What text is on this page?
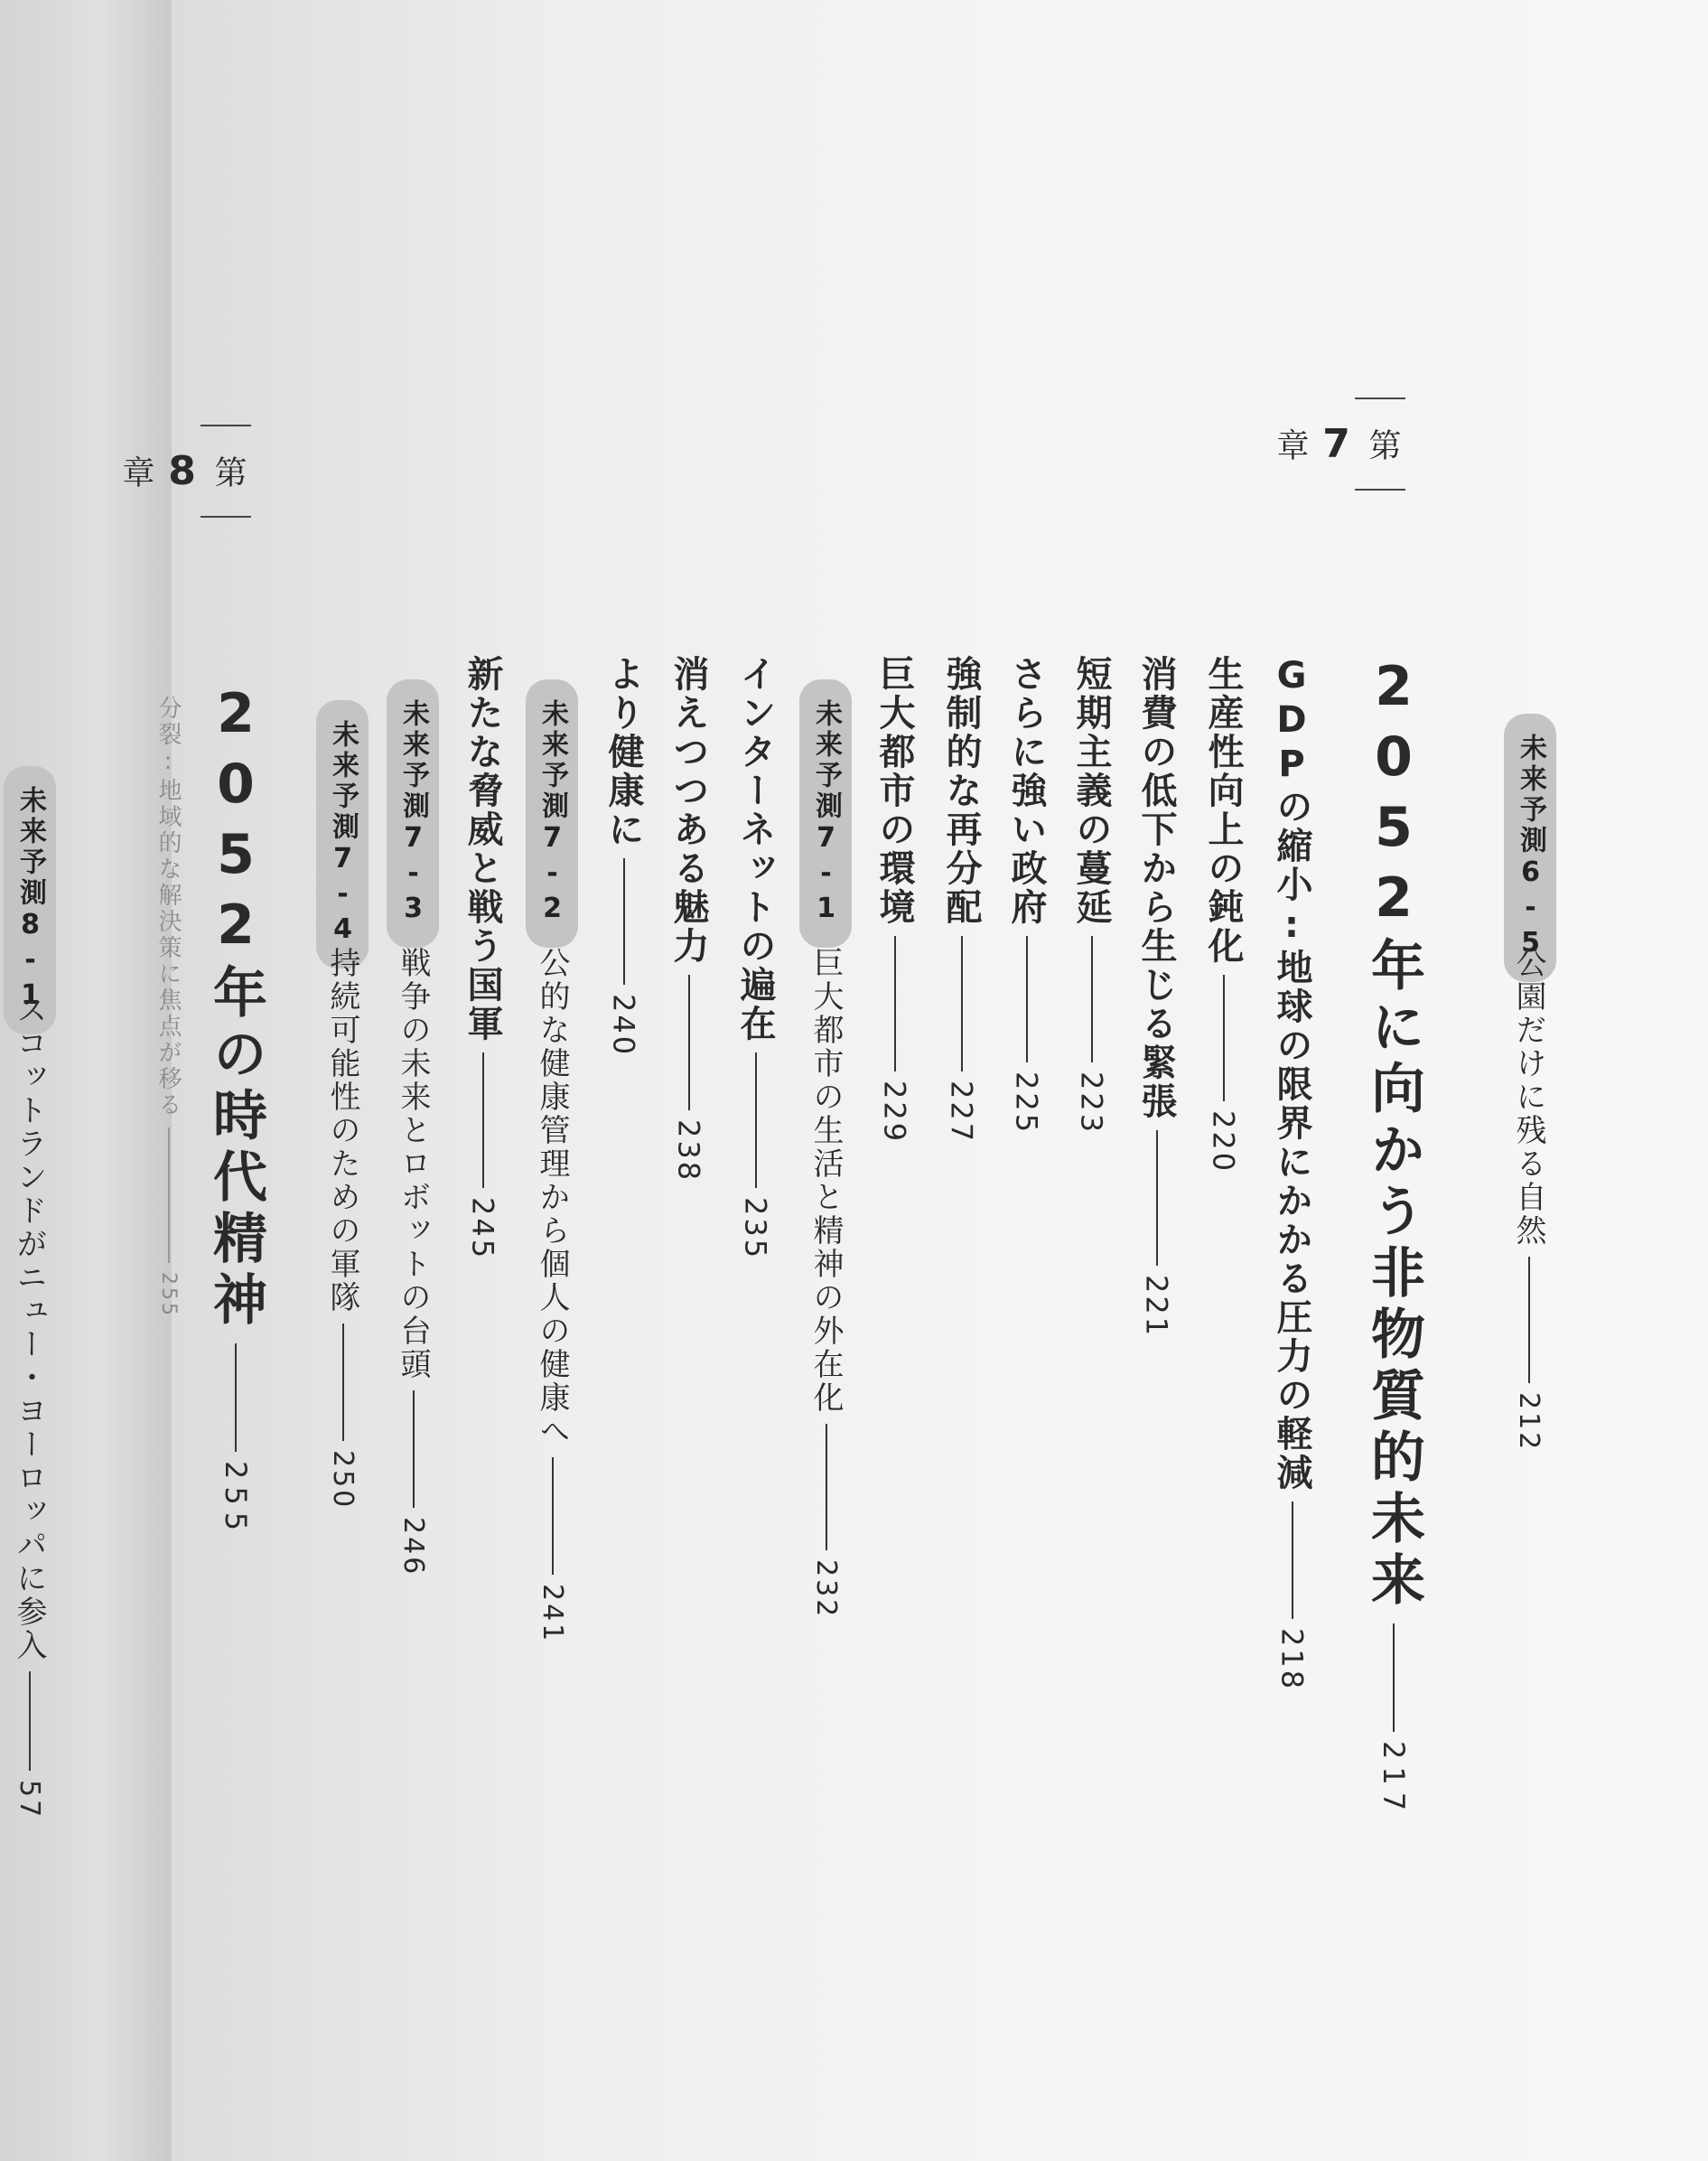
未来予測6-5
公園だけに残る自然
212
第
7
章
2052年に向かう非物質的未来
217
GDPの縮小:地球の限界にかかる圧力の軽減
218
生産性向上の鈍化
220
消費の低下から生じる緊張
221
短期主義の蔓延
223
さらに強い政府
225
強制的な再分配
227
巨大都市の環境
229
未来予測7-1
巨大都市の生活と精神の外在化
232
インターネットの遍在
235
消えつつある魅力
238
より健康に
240
未来予測7-2
公的な健康管理から個人の健康へ
241
新たな脅威と戦う国軍
245
未来予測7-3
戦争の未来とロボットの台頭
246
未来予測7-4
持続可能性のための軍隊
250
第
8
章
2052年の時代精神
255
分裂:地域的な解決策に焦点が移る
255
未来予測8-1
スコットランドがニュー・ヨーロッパに参入
57
